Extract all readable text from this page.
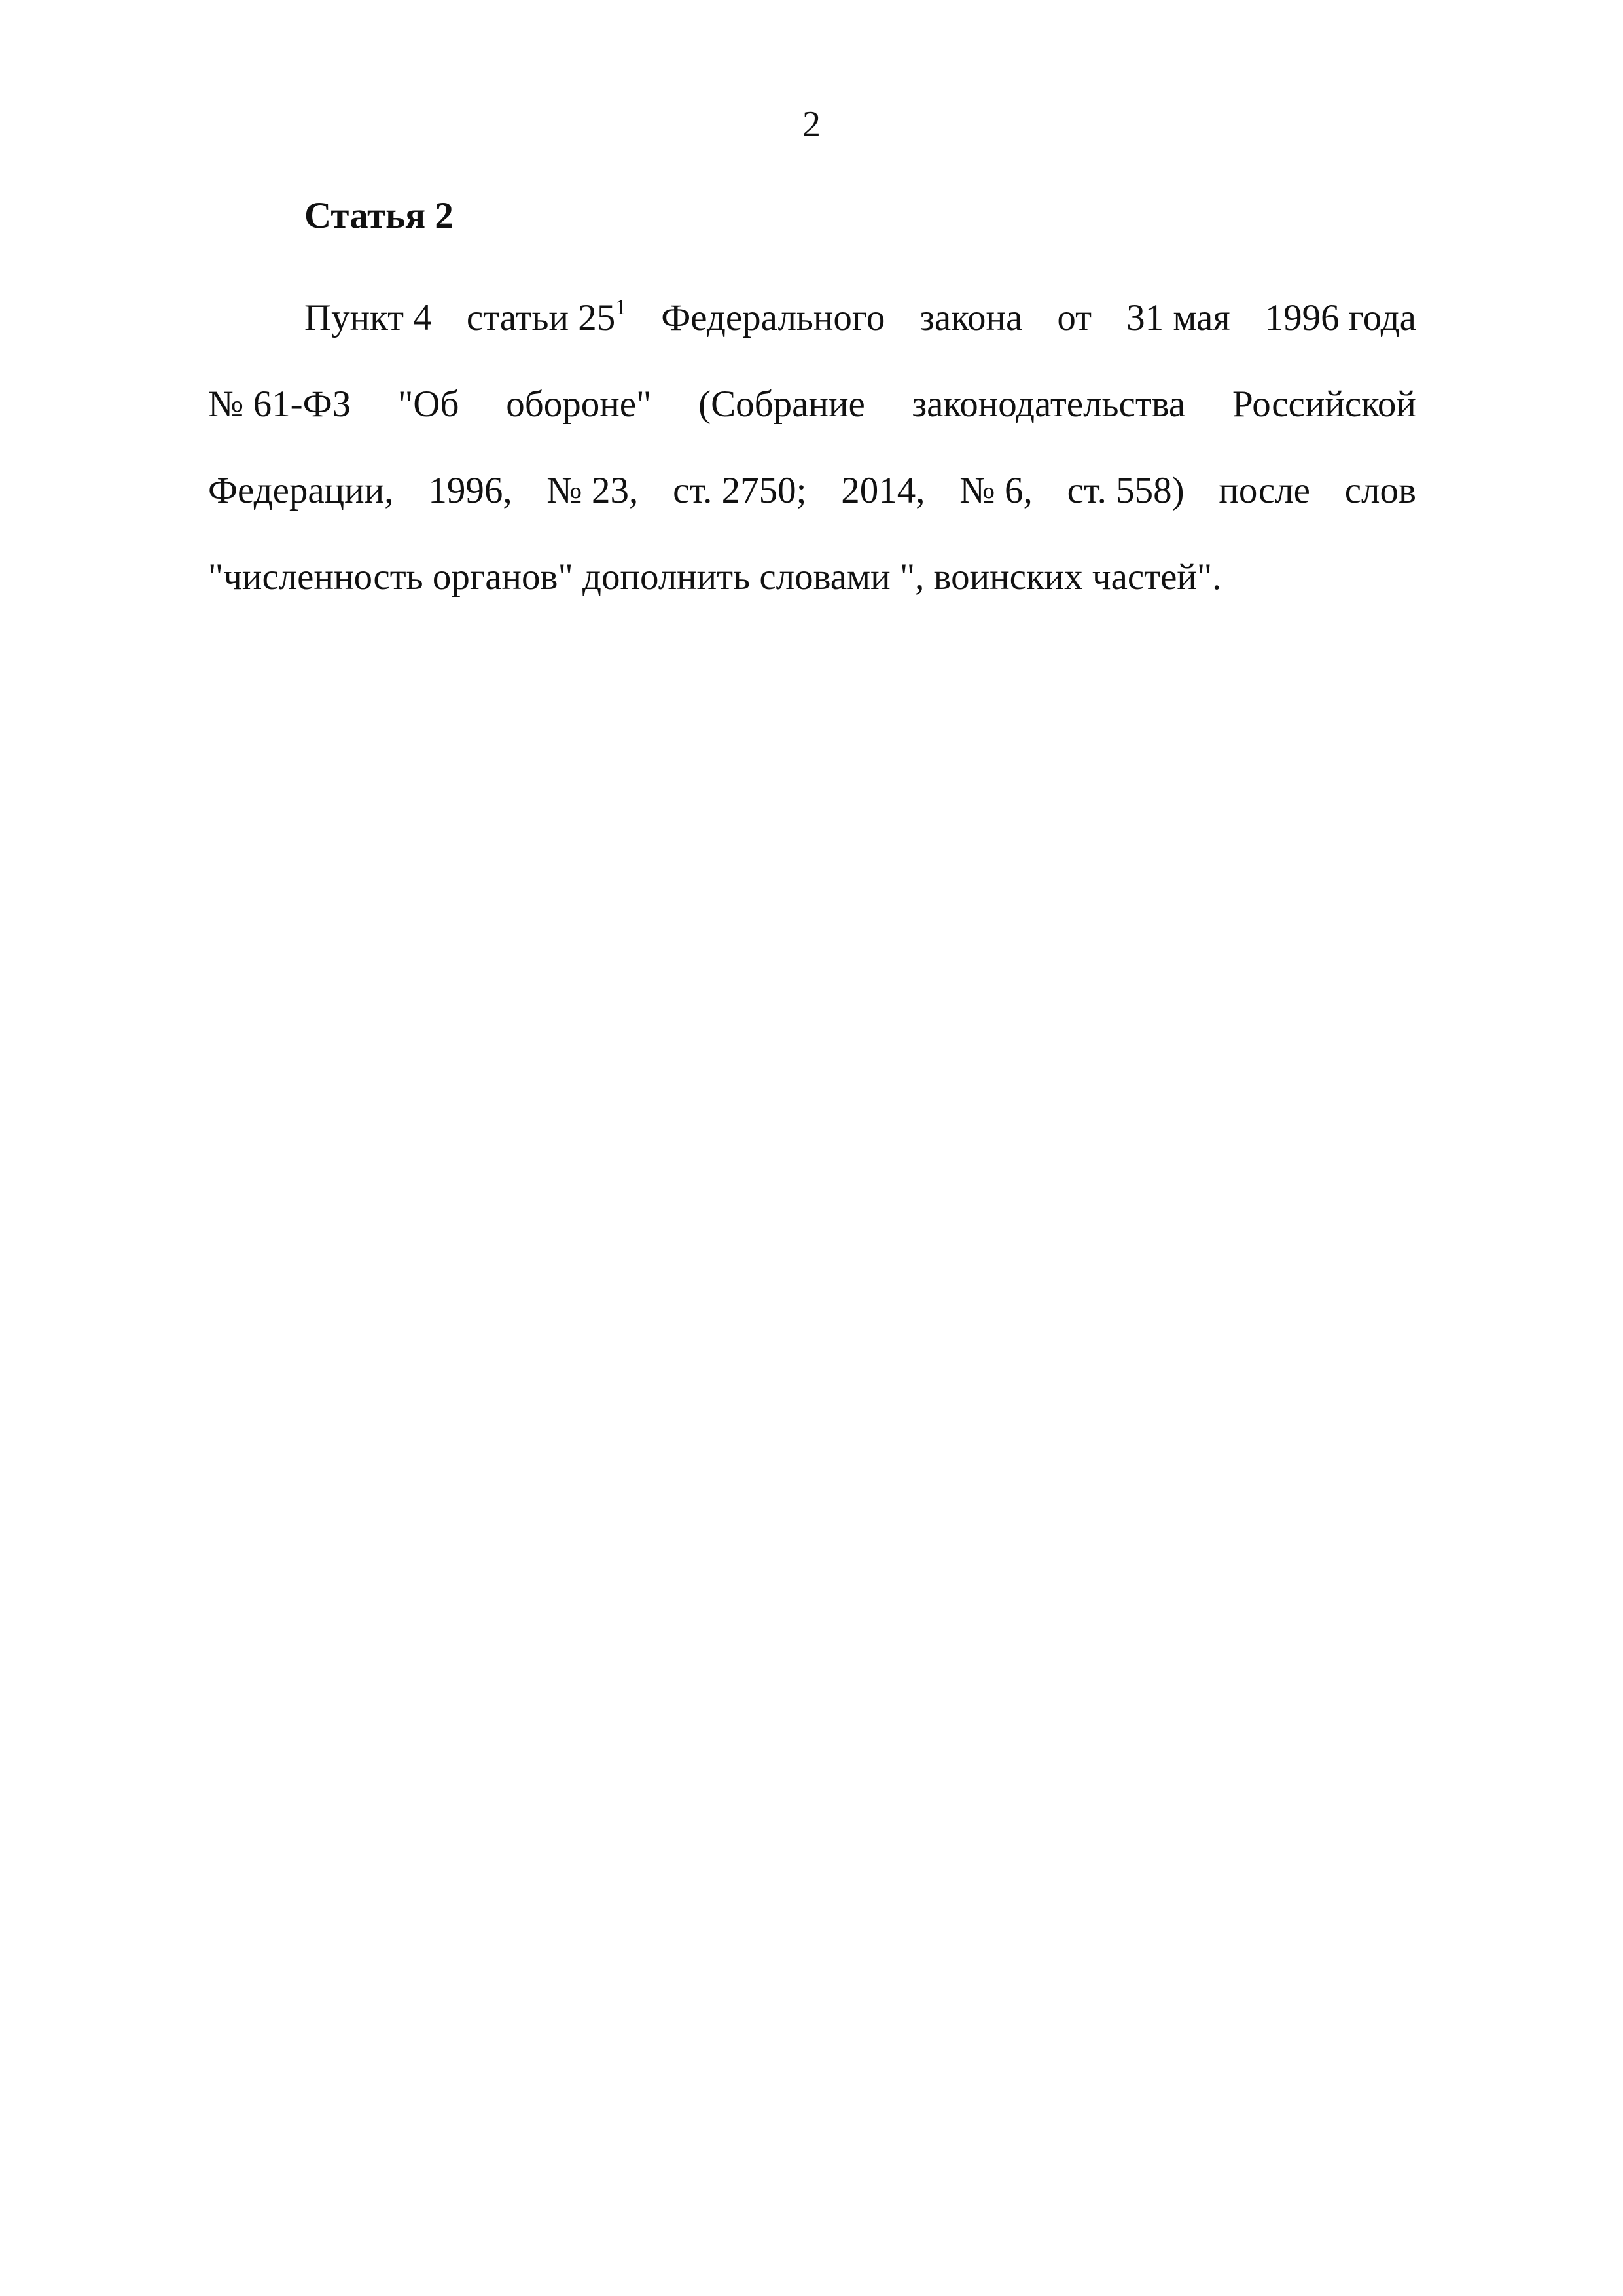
2
Статья 2
Пункт 4 статьи $25^1$ Федерального закона от 31 мая 1996 года
№ 61-ФЗ "Об обороне" (Собрание законодательства Российской
Федерации, 1996, № 23, ст. 2750; 2014, № 6, ст. 558) после слов
"численность органов" дополнить словами ", воинских частей".
